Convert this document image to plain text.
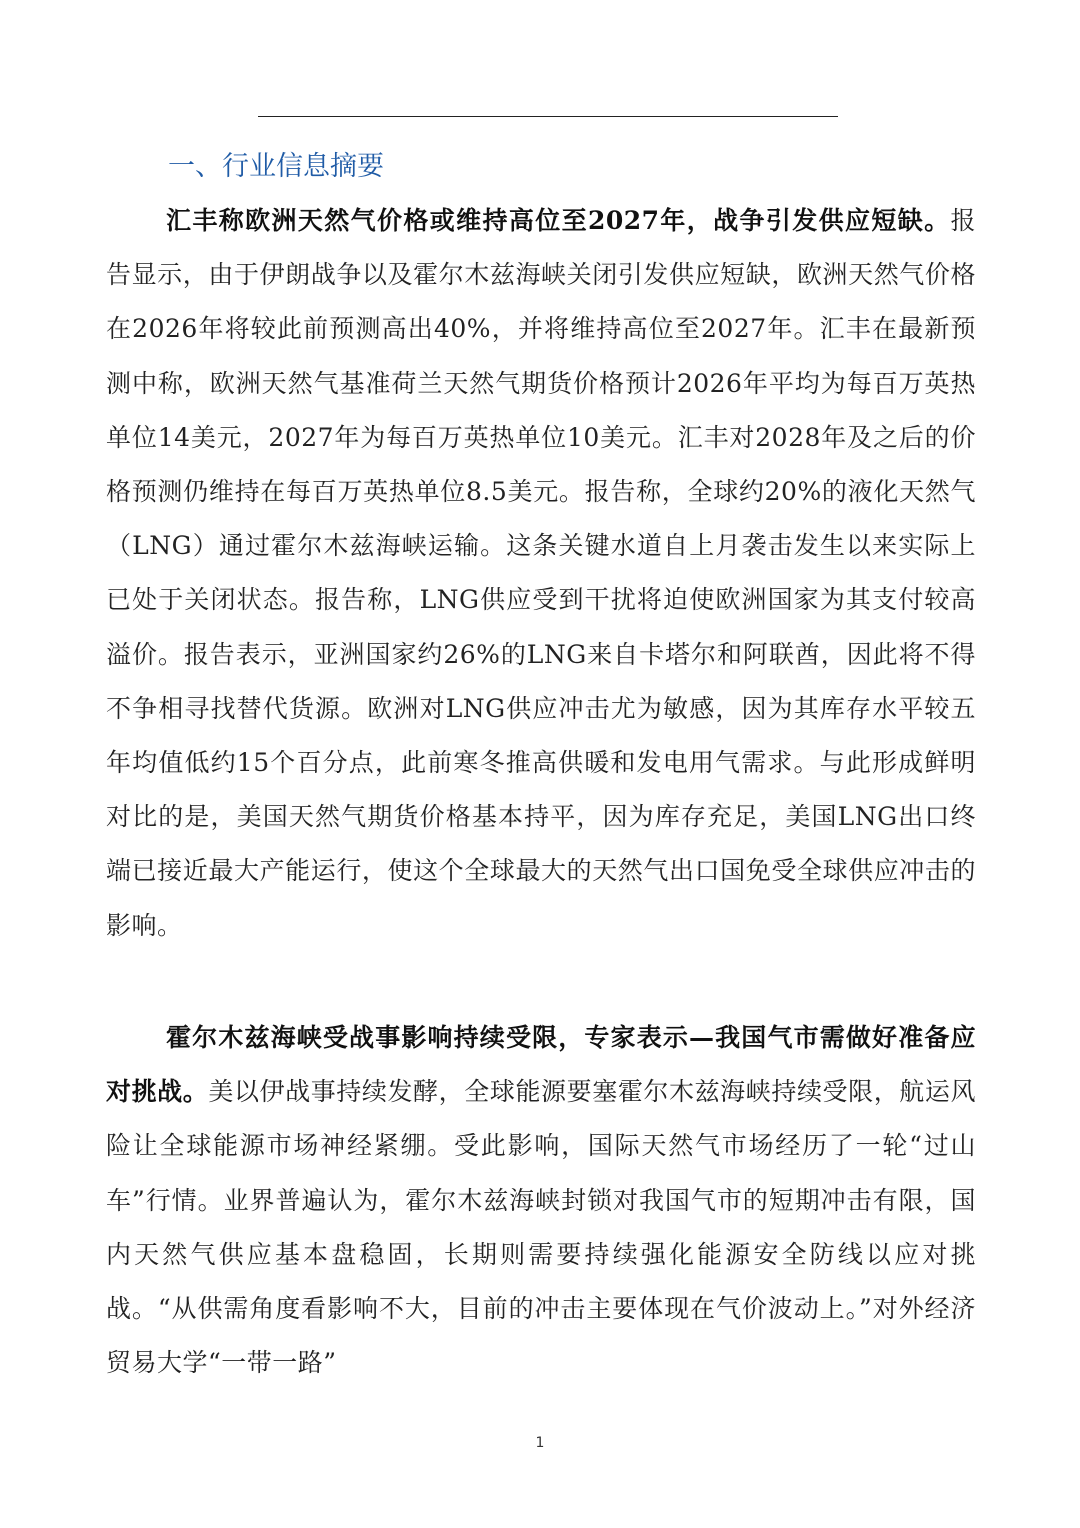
一、行业信息摘要

汇丰称欧洲天然气价格或维持高位至2027年，战争引发供应短缺。报告显示，由于伊朗战争以及霍尔木兹海峡关闭引发供应短缺，欧洲天然气价格在2026年将较此前预测高出40%，并将维持高位至2027年。汇丰在最新预测中称，欧洲天然气基准荷兰天然气期货价格预计2026年平均为每百万英热单位14美元，2027年为每百万英热单位10美元。汇丰对2028年及之后的价格预测仍维持在每百万英热单位8.5美元。报告称，全球约20%的液化天然气（LNG）通过霍尔木兹海峡运输。这条关键水道自上月袭击发生以来实际上已处于关闭状态。报告称，LNG供应受到干扰将迫使欧洲国家为其支付较高溢价。报告表示，亚洲国家约26%的LNG来自卡塔尔和阿联酋，因此将不得不争相寻找替代货源。欧洲对LNG供应冲击尤为敏感，因为其库存水平较五年均值低约15个百分点，此前寒冬推高供暖和发电用气需求。与此形成鲜明对比的是，美国天然气期货价格基本持平，因为库存充足，美国LNG出口终端已接近最大产能运行，使这个全球最大的天然气出口国免受全球供应冲击的影响。

霍尔木兹海峡受战事影响持续受限，专家表示—我国气市需做好准备应对挑战。美以伊战事持续发酵，全球能源要塞霍尔木兹海峡持续受限，航运风险让全球能源市场神经紧绷。受此影响，国际天然气市场经历了一轮“过山车”行情。业界普遍认为，霍尔木兹海峡封锁对我国气市的短期冲击有限，国内天然气供应基本盘稳固，长期则需要持续强化能源安全防线以应对挑战。“从供需角度看影响不大，目前的冲击主要体现在气价波动上。”对外经济贸易大学“一带一路”

1
